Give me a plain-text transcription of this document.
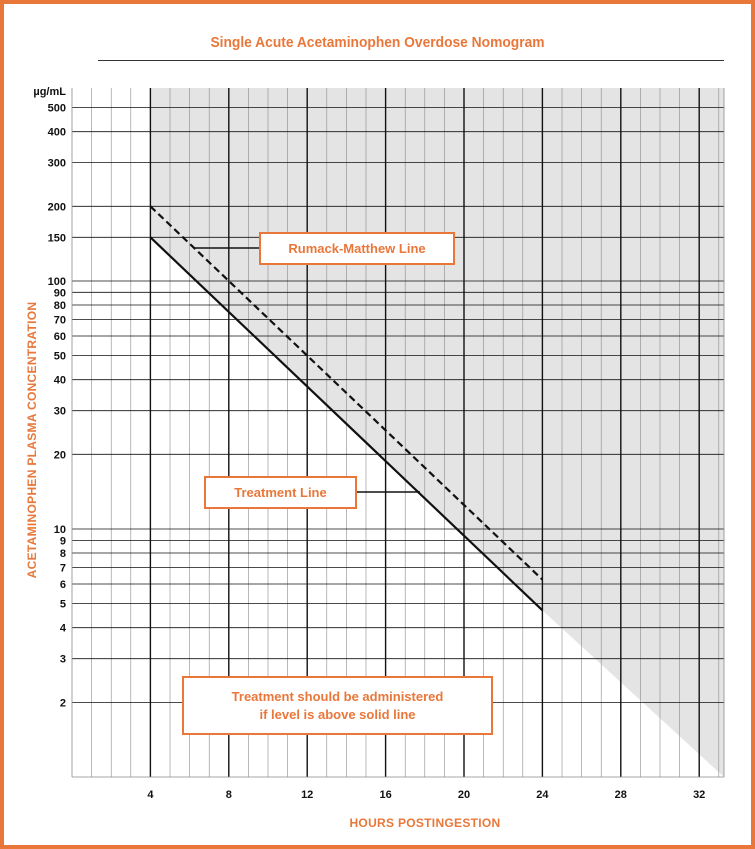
Single Acute Acetaminophen Overdose Nomogram
2
3
4
5
6
7
8
9
10
20
30
40
50
60
70
80
90
100
150
200
300
400
500
4	8	12	16	20	24	28	32
µg/mL
HOURS POSTINGESTION
ACETAMINOPHEN PLASMA CONCENTRATION
Rumack-Matthew Line
Treatment Line
Treatment should be administered
if level is above solid line
